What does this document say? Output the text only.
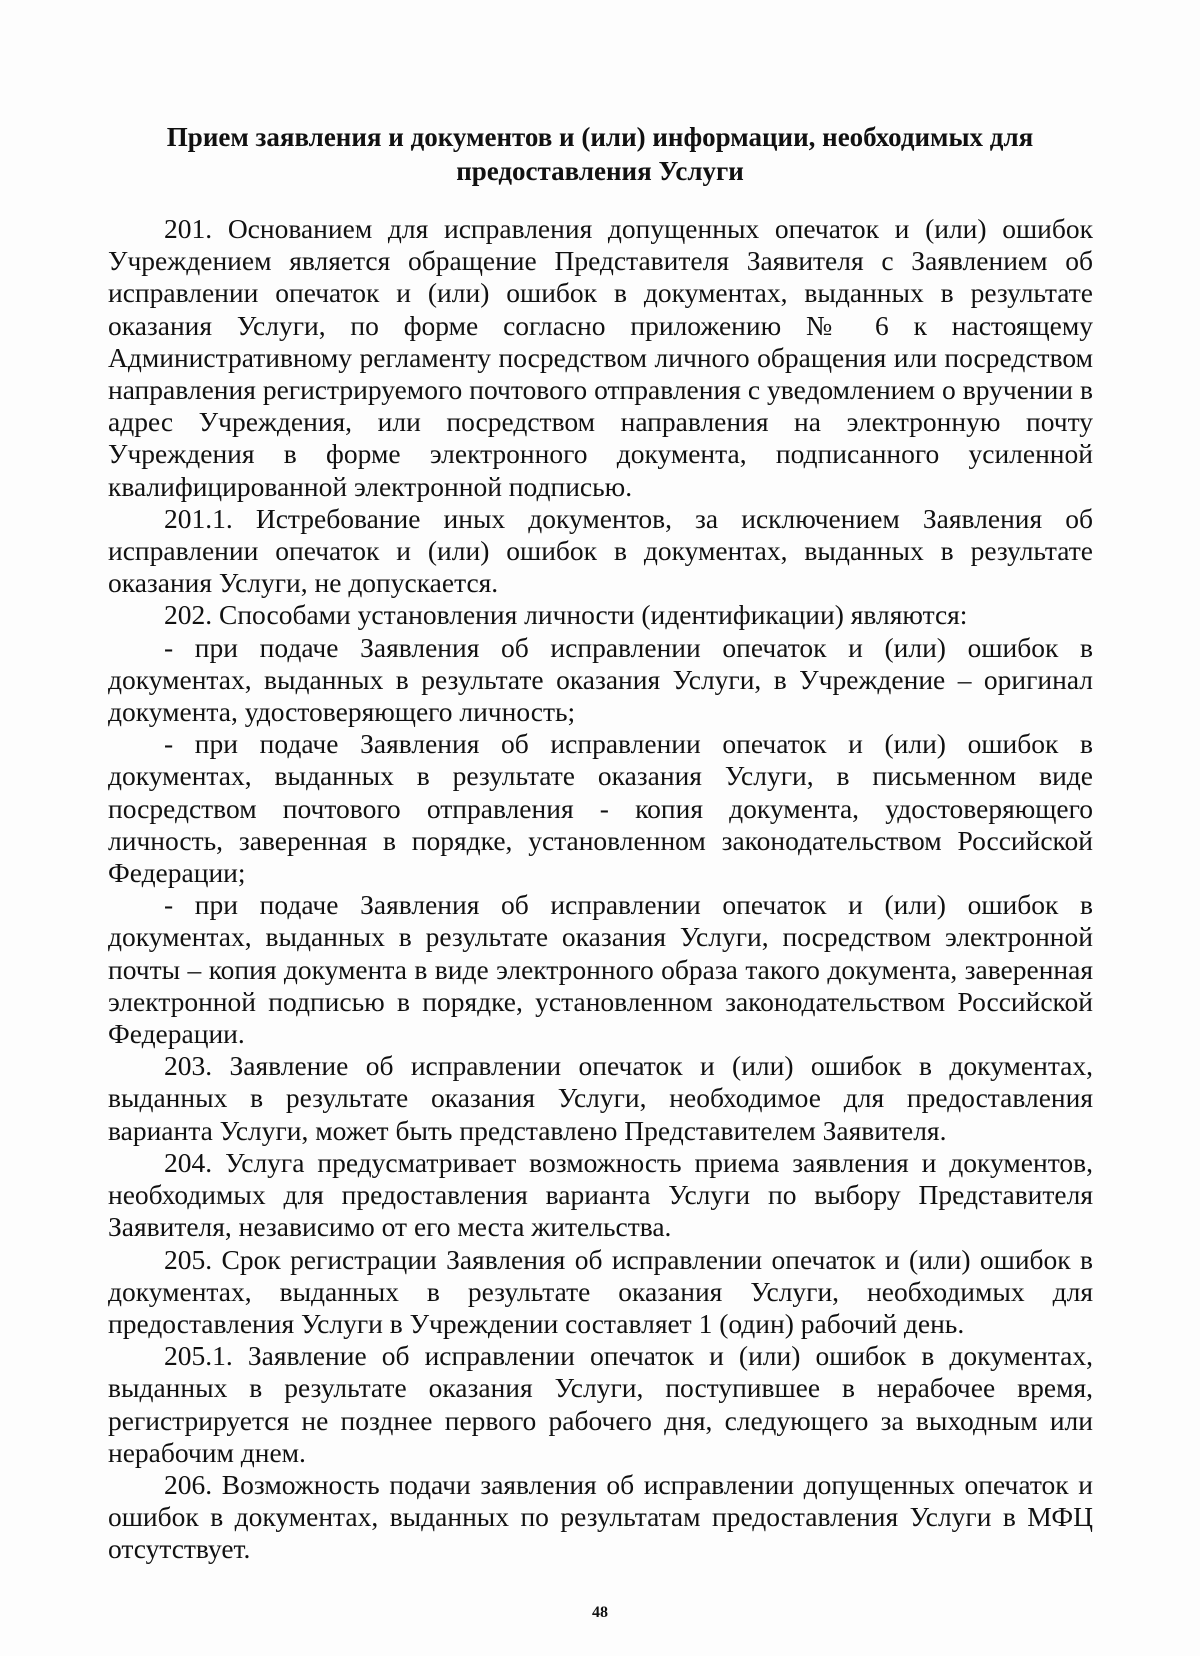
Прием заявления и документов и (или) информации, необходимых для
предоставления Услуги

201. Основанием для исправления допущенных опечаток и (или) ошибок Учреждением является обращение Представителя Заявителя с Заявлением об исправлении опечаток и (или) ошибок в документах, выданных в результате оказания Услуги, по форме согласно приложению № 6 к настоящему Административному регламенту посредством личного обращения или посредством направления регистрируемого почтового отправления с уведомлением о вручении в адрес Учреждения, или посредством направления на электронную почту Учреждения в форме электронного документа, подписанного усиленной квалифицированной электронной подписью.

201.1. Истребование иных документов, за исключением Заявления об исправлении опечаток и (или) ошибок в документах, выданных в результате оказания Услуги, не допускается.

202. Способами установления личности (идентификации) являются:

- при подаче Заявления об исправлении опечаток и (или) ошибок в документах, выданных в результате оказания Услуги, в Учреждение – оригинал документа, удостоверяющего личность;

- при подаче Заявления об исправлении опечаток и (или) ошибок в документах, выданных в результате оказания Услуги, в письменном виде посредством почтового отправления - копия документа, удостоверяющего личность, заверенная в порядке, установленном законодательством Российской Федерации;

- при подаче Заявления об исправлении опечаток и (или) ошибок в документах, выданных в результате оказания Услуги, посредством электронной почты – копия документа в виде электронного образа такого документа, заверенная электронной подписью в порядке, установленном законодательством Российской Федерации.

203. Заявление об исправлении опечаток и (или) ошибок в документах, выданных в результате оказания Услуги, необходимое для предоставления варианта Услуги, может быть представлено Представителем Заявителя.

204. Услуга предусматривает возможность приема заявления и документов, необходимых для предоставления варианта Услуги по выбору Представителя Заявителя, независимо от его места жительства.

205. Срок регистрации Заявления об исправлении опечаток и (или) ошибок в документах, выданных в результате оказания Услуги, необходимых для предоставления Услуги в Учреждении составляет 1 (один) рабочий день.

205.1. Заявление об исправлении опечаток и (или) ошибок в документах, выданных в результате оказания Услуги, поступившее в нерабочее время, регистрируется не позднее первого рабочего дня, следующего за выходным или нерабочим днем.

206. Возможность подачи заявления об исправлении допущенных опечаток и ошибок в документах, выданных по результатам предоставления Услуги в МФЦ отсутствует.

48
